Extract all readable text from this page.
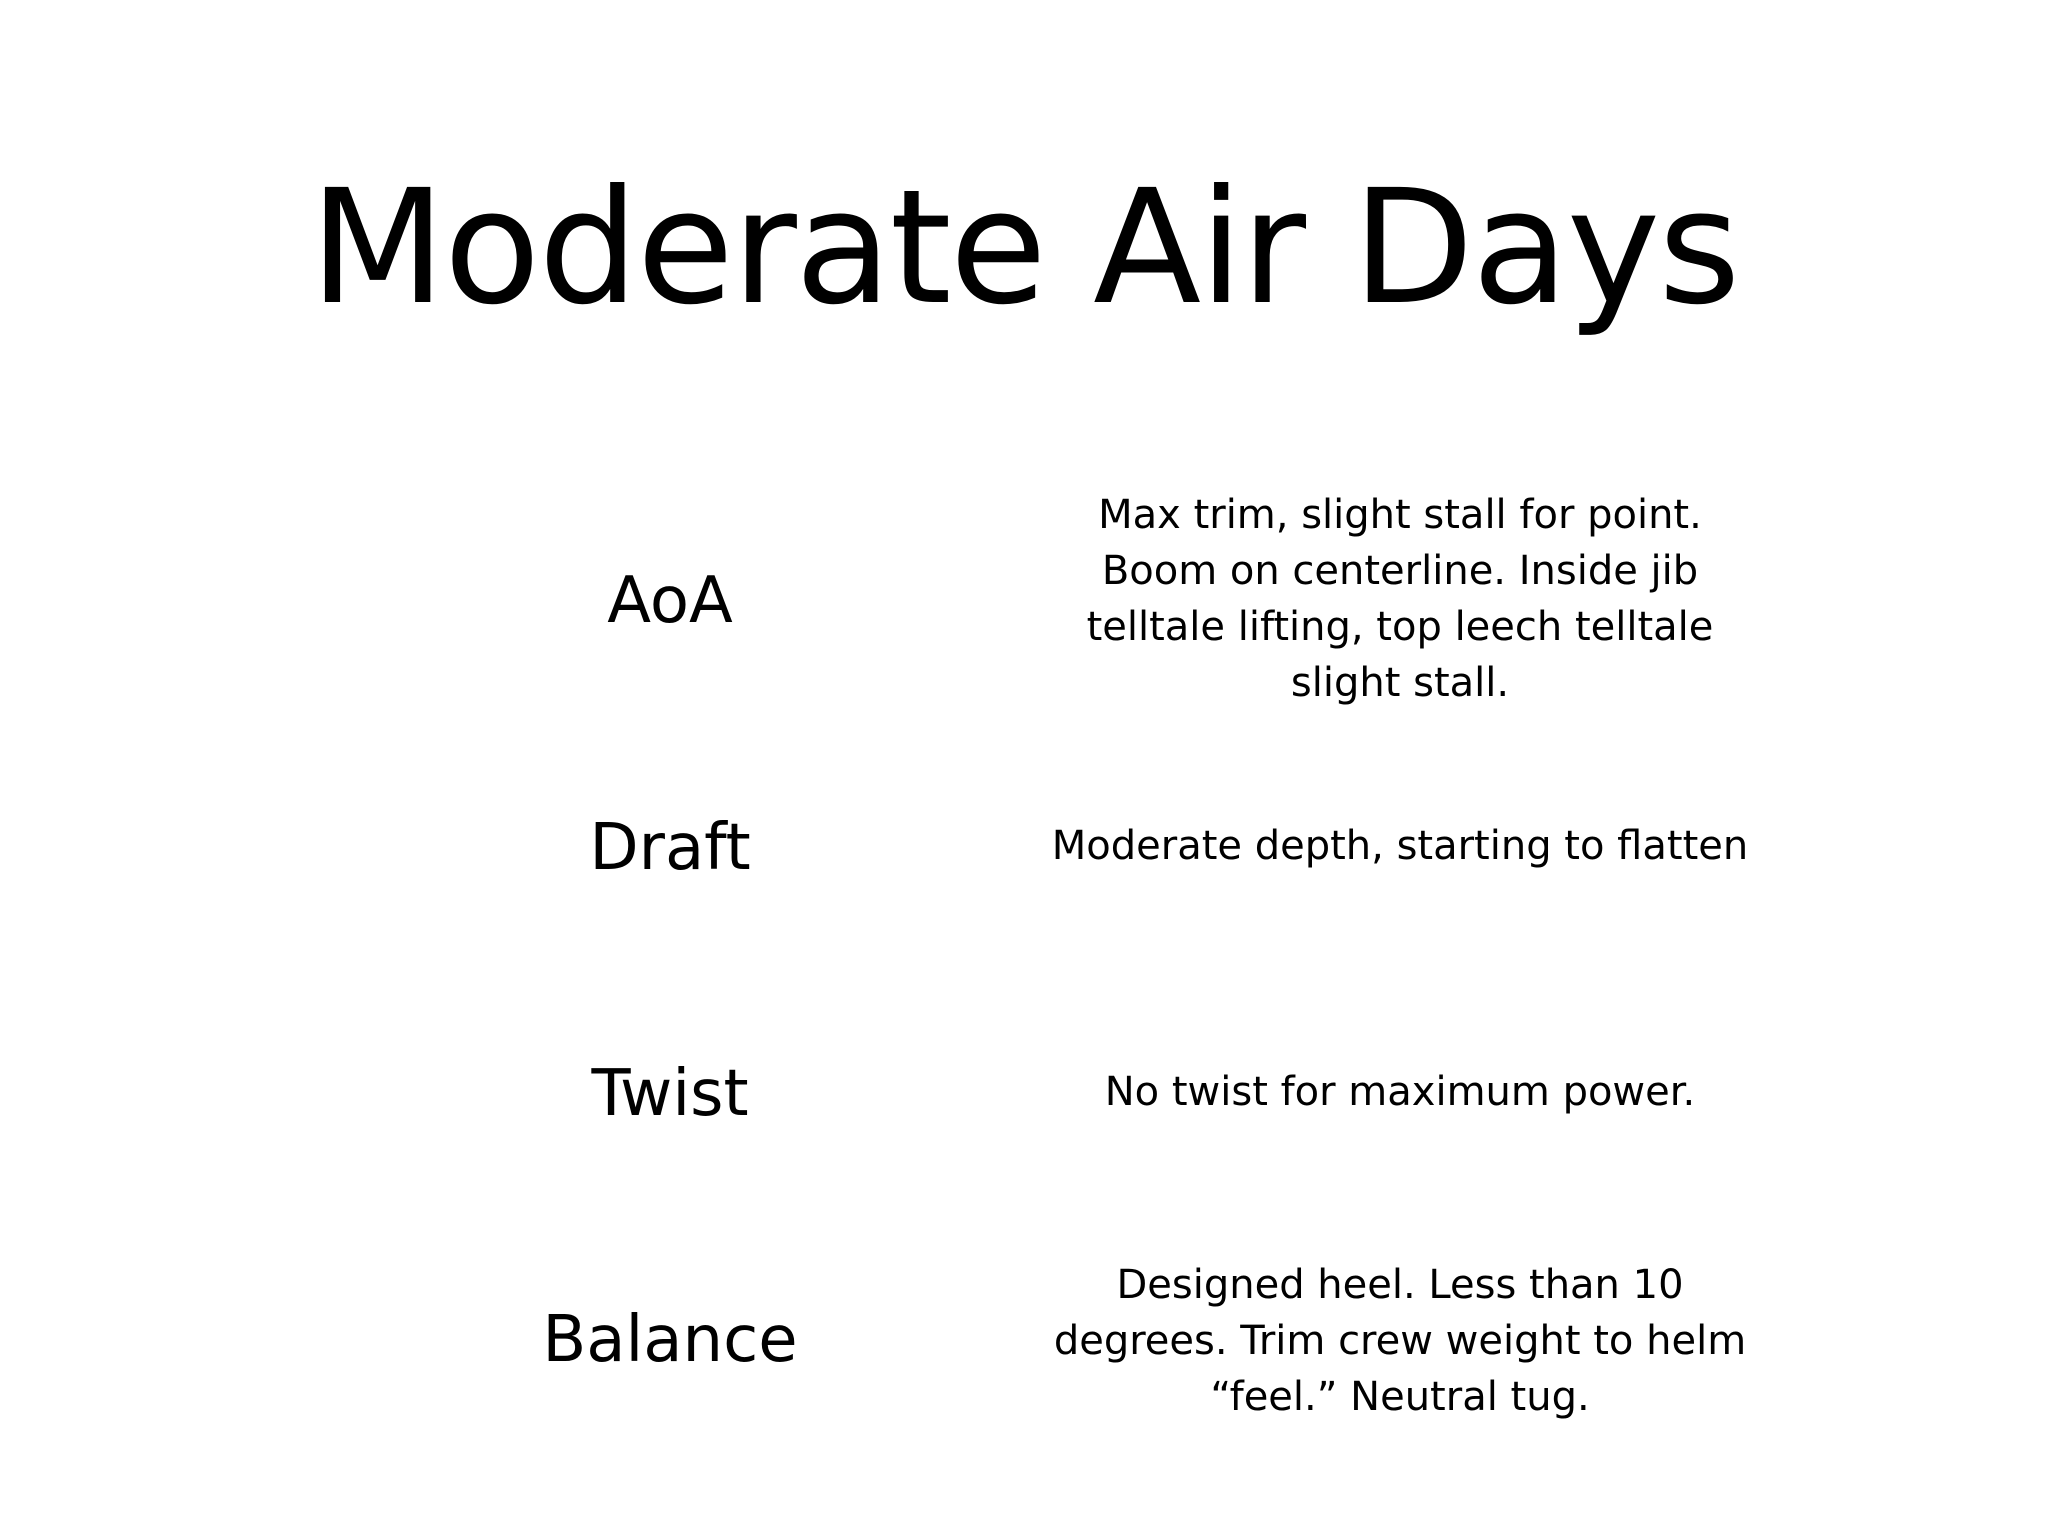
Moderate Air Days
AoA
Max trim, slight stall for point.
Boom on centerline. Inside jib
telltale lifting, top leech telltale
slight stall.
Draft	Moderate depth, starting to flatten
Twist	No twist for maximum power.
Balance
Designed heel. Less than 10
degrees. Trim crew weight to helm
“feel.” Neutral tug.
